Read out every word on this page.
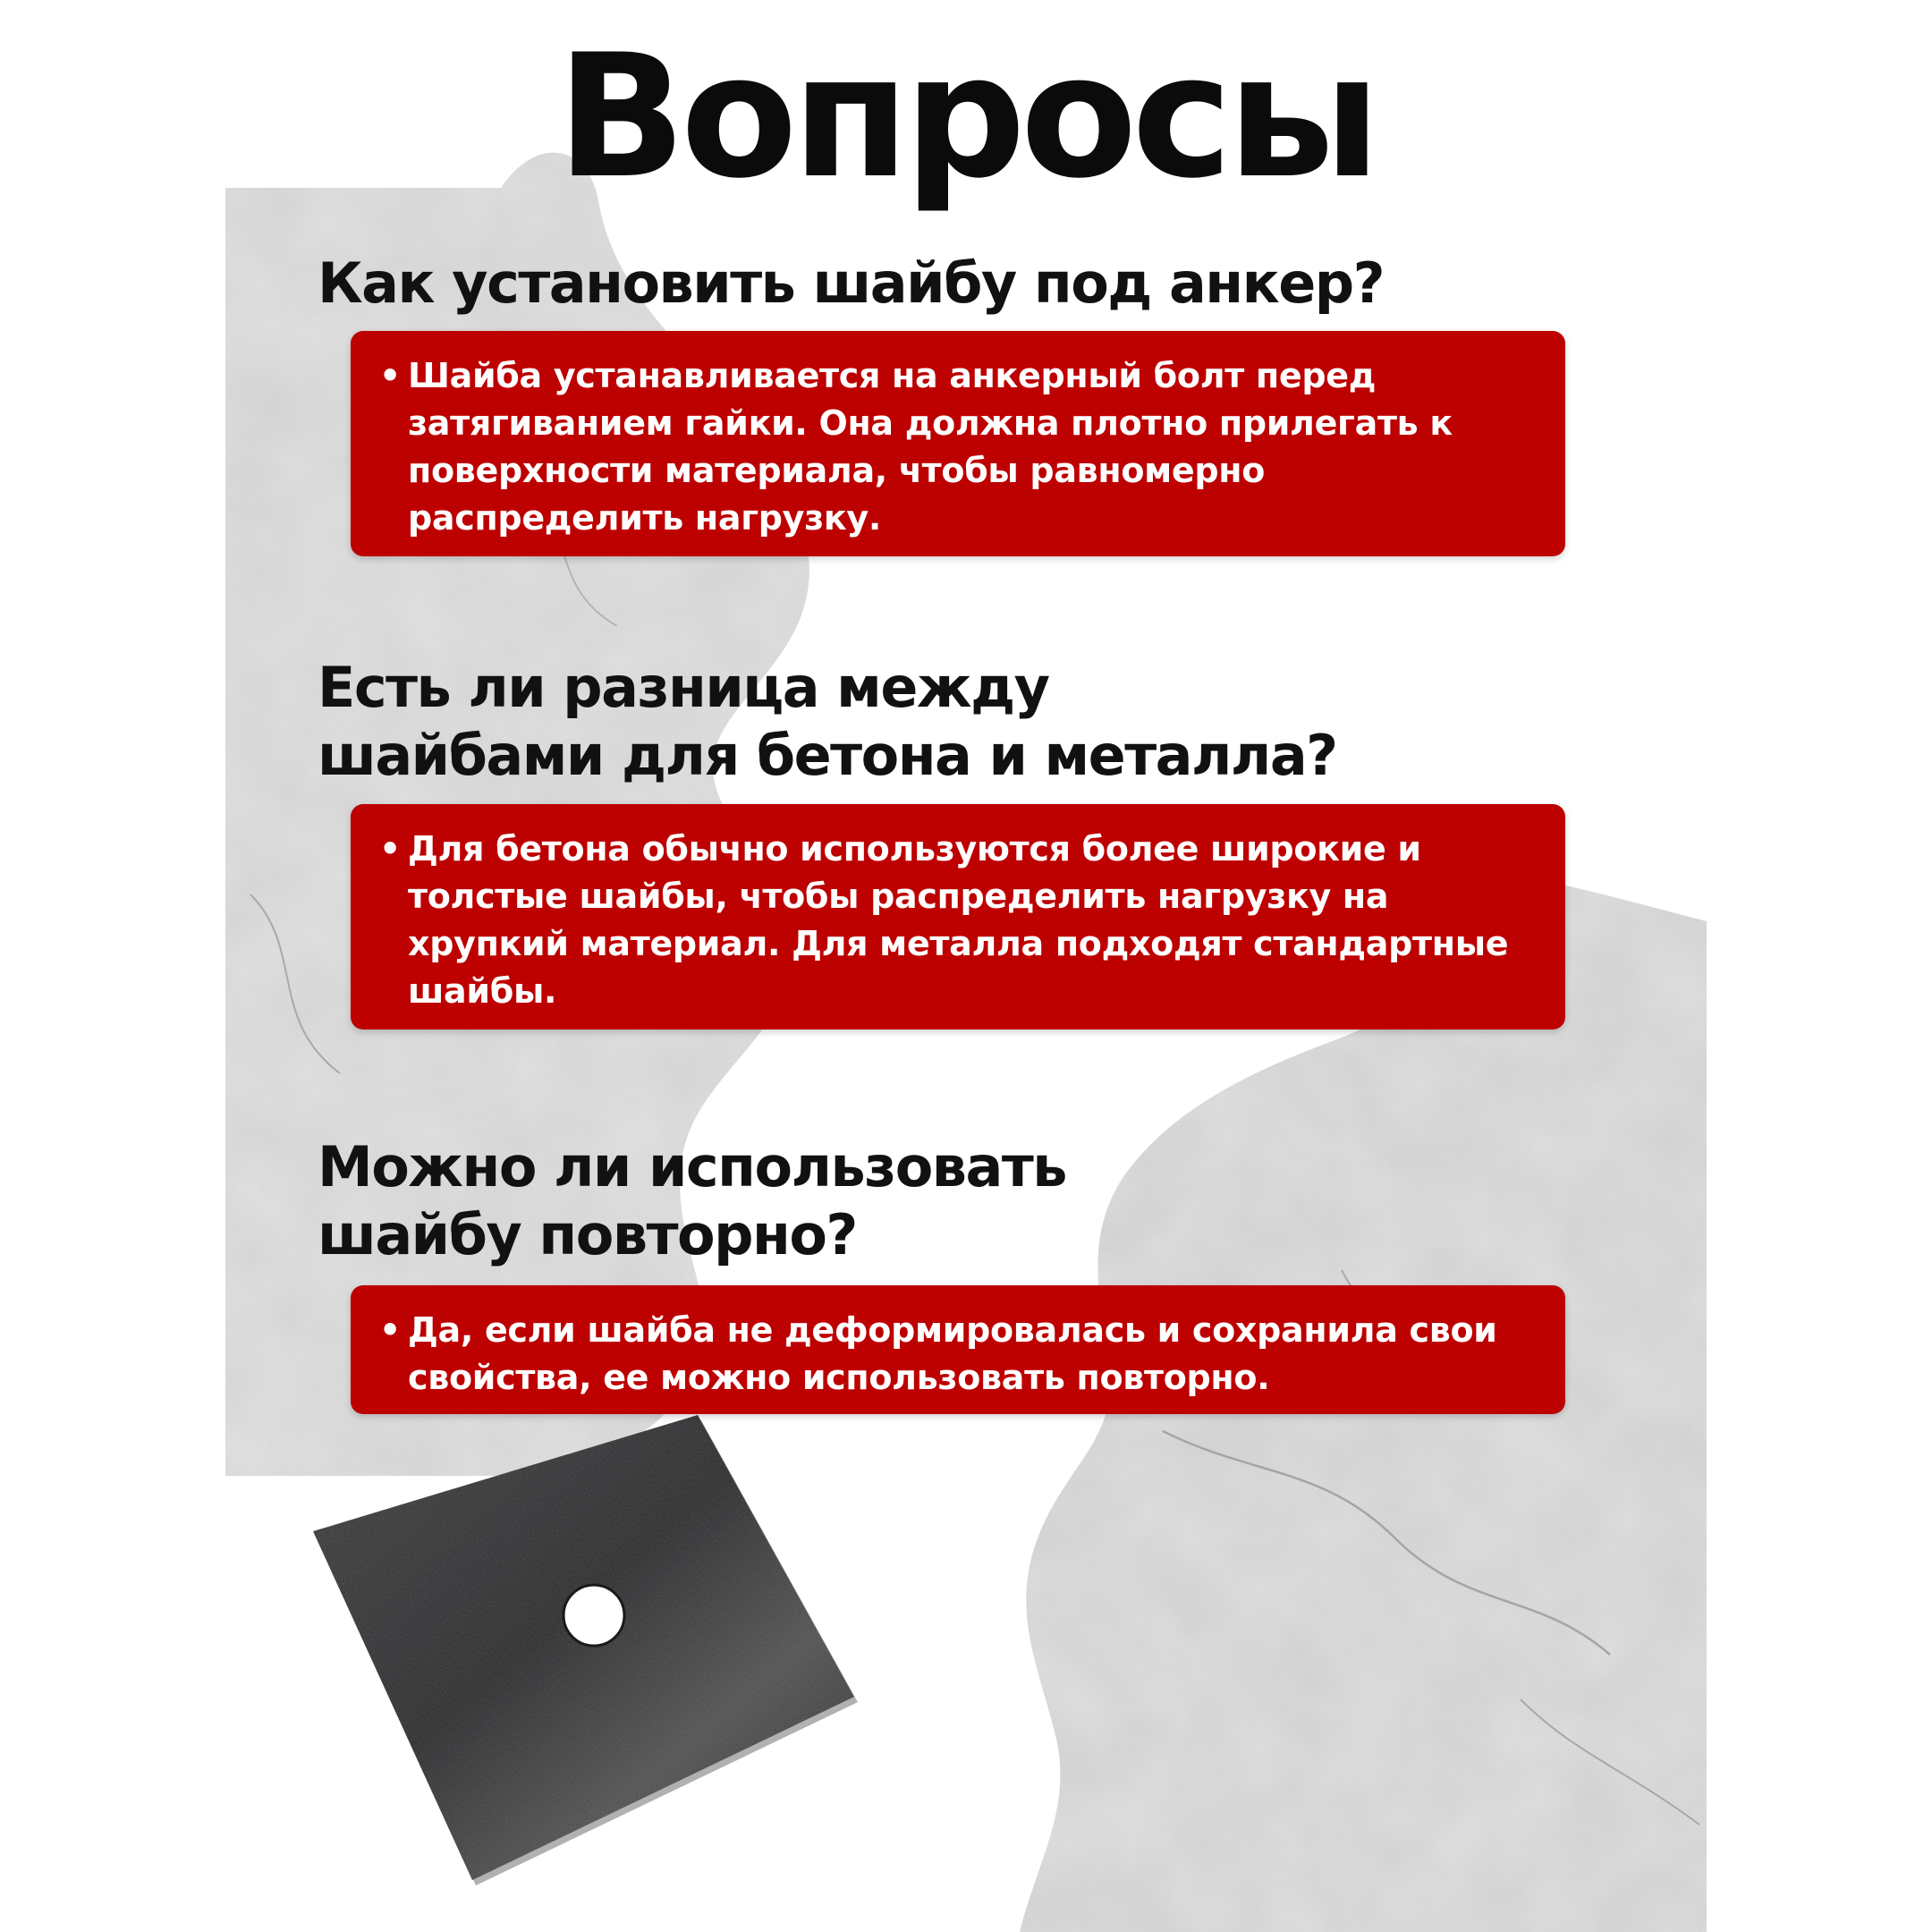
Вопросы
Как установить шайбу под анкер?
• Шайба устанавливается на анкерный болт перед затягиванием гайки. Она должна плотно прилегать к поверхности материала, чтобы равномерно распределить нагрузку.
Есть ли разница между
шайбами для бетона и металла?
• Для бетона обычно используются более широкие и толстые шайбы, чтобы распределить нагрузку на хрупкий материал. Для металла подходят стандартные шайбы.
Можно ли использовать
шайбу повторно?
• Да, если шайба не деформировалась и сохранила свои свойства, ее можно использовать повторно.
